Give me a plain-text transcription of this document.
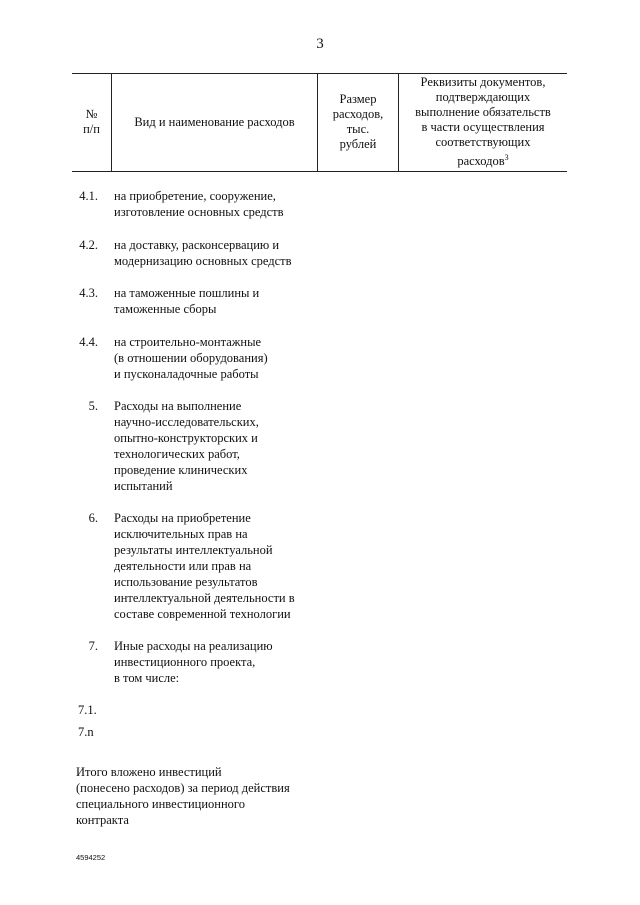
3
№
п/п
Вид и наименование расходов
Размер
расходов,
тыс.
рублей
Реквизиты документов,
подтверждающих
выполнение обязательств
в части осуществления
соответствующих
расходов$^3$
4.1. на приобретение, сооружение,
изготовление основных средств
4.2. на доставку, расконсервацию и
модернизацию основных средств
4.3. на таможенные пошлины и
таможенные сборы
4.4. на строительно-монтажные
(в отношении оборудования)
и пусконаладочные работы
5. Расходы на выполнение
научно-исследовательских,
опытно-конструкторских и
технологических работ,
проведение клинических
испытаний
6. Расходы на приобретение
исключительных прав на
результаты интеллектуальной
деятельности или прав на
использование результатов
интеллектуальной деятельности в
составе современной технологии
7. Иные расходы на реализацию
инвестиционного проекта,
в том числе:
7.1.
7.n
Итого вложено инвестиций
(понесено расходов) за период действия
специального инвестиционного
контракта
4594252
